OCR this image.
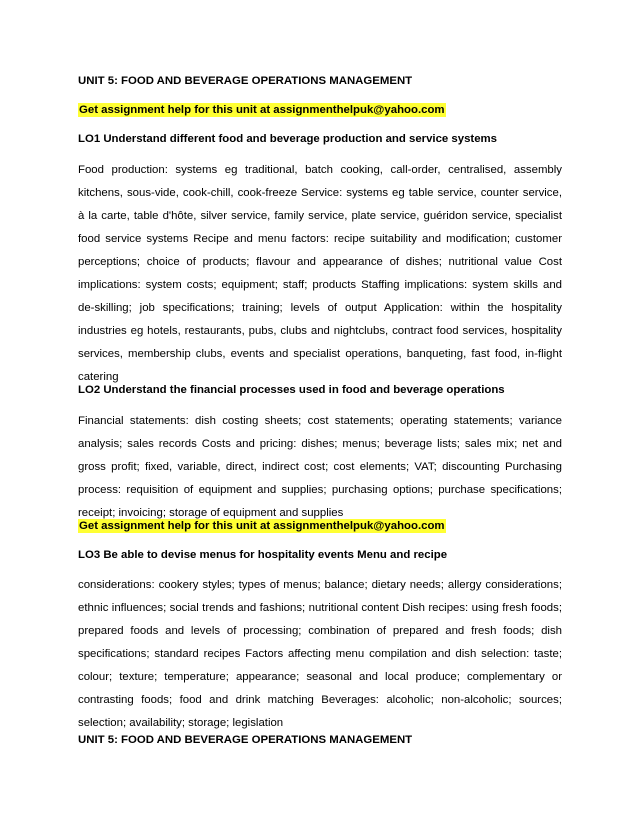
UNIT 5: FOOD AND BEVERAGE OPERATIONS MANAGEMENT
Get assignment help for this unit at assignmenthelpuk@yahoo.com
LO1 Understand different food and beverage production and service systems
Food production: systems eg traditional, batch cooking, call-order, centralised, assembly kitchens, sous-vide, cook-chill, cook-freeze Service: systems eg table service, counter service, à la carte, table d'hôte, silver service, family service, plate service, guéridon service, specialist food service systems Recipe and menu factors: recipe suitability and modification; customer perceptions; choice of products; flavour and appearance of dishes; nutritional value Cost implications: system costs; equipment; staff; products Staffing implications: system skills and de-skilling; job specifications; training; levels of output Application: within the hospitality industries eg hotels, restaurants, pubs, clubs and nightclubs, contract food services, hospitality services, membership clubs, events and specialist operations, banqueting, fast food, in-flight catering
LO2 Understand the financial processes used in food and beverage operations
Financial statements: dish costing sheets; cost statements; operating statements; variance analysis; sales records Costs and pricing: dishes; menus; beverage lists; sales mix; net and gross profit; fixed, variable, direct, indirect cost; cost elements; VAT; discounting Purchasing process: requisition of equipment and supplies; purchasing options; purchase specifications; receipt; invoicing; storage of equipment and supplies
Get assignment help for this unit at assignmenthelpuk@yahoo.com
LO3 Be able to devise menus for hospitality events Menu and recipe
considerations: cookery styles; types of menus; balance; dietary needs; allergy considerations; ethnic influences; social trends and fashions; nutritional content Dish recipes: using fresh foods; prepared foods and levels of processing; combination of prepared and fresh foods; dish specifications; standard recipes Factors affecting menu compilation and dish selection: taste; colour; texture; temperature; appearance; seasonal and local produce; complementary or contrasting foods; food and drink matching Beverages: alcoholic; non-alcoholic; sources; selection; availability; storage; legislation
UNIT 5: FOOD AND BEVERAGE OPERATIONS MANAGEMENT
